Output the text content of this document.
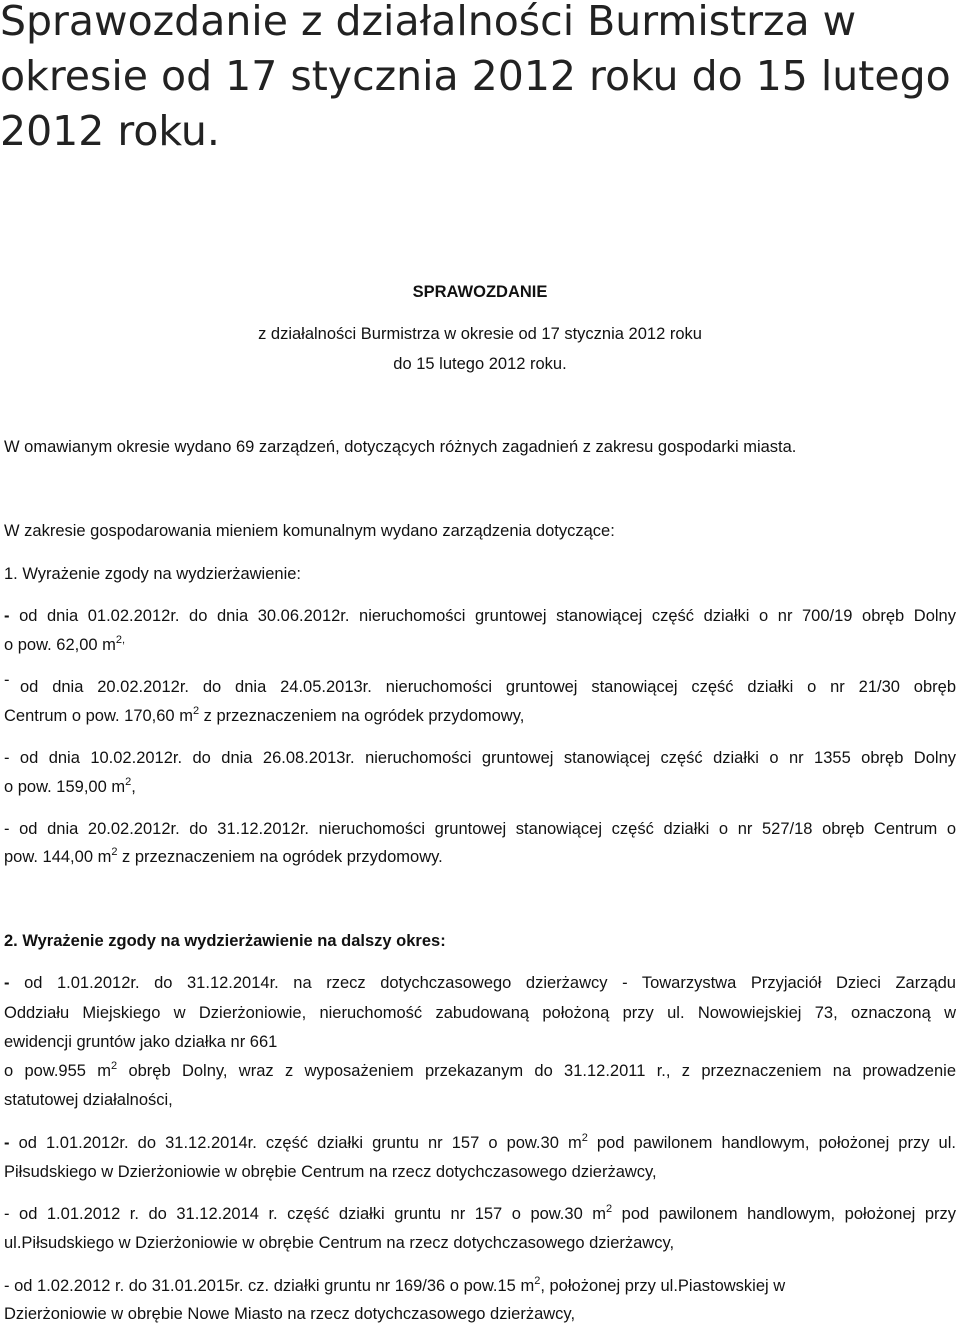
Sprawozdanie z działalności Burmistrza w okresie od 17 stycznia 2012 roku do 15 lutego 2012 roku.

SPRAWOZDANIE

z działalności Burmistrza w okresie od 17 stycznia 2012 roku

do 15 lutego 2012 roku.

W omawianym okresie wydano 69 zarządzeń, dotyczących różnych zagadnień z zakresu gospodarki miasta.

W zakresie gospodarowania mieniem komunalnym wydano zarządzenia dotyczące:

1. Wyrażenie zgody na wydzierżawienie:

- od dnia 01.02.2012r. do dnia 30.06.2012r. nieruchomości gruntowej stanowiącej część działki o nr 700/19 obręb Dolny

o pow. 62,00 $m^{2,}$

- od dnia 20.02.2012r. do dnia 24.05.2013r. nieruchomości gruntowej stanowiącej część działki o nr 21/30 obręb

Centrum o pow. 170,60 $m^2$ z przeznaczeniem na ogródek przydomowy,

- od dnia 10.02.2012r. do dnia 26.08.2013r. nieruchomości gruntowej stanowiącej część działki o nr 1355 obręb Dolny

o pow. 159,00 $m^2$,

- od dnia 20.02.2012r. do 31.12.2012r. nieruchomości gruntowej stanowiącej część działki o nr 527/18 obręb Centrum o

pow. 144,00 $m^2$ z przeznaczeniem na ogródek przydomowy.

2. Wyrażenie zgody na wydzierżawienie na dalszy okres:

- od 1.01.2012r. do 31.12.2014r. na rzecz dotychczasowego dzierżawcy - Towarzystwa Przyjaciół Dzieci Zarządu

Oddziału Miejskiego w Dzierżoniowie, nieruchomość zabudowaną położoną przy ul. Nowowiejskiej 73, oznaczoną w

ewidencji gruntów jako działka nr 661

o pow.955 $m^2$ obręb Dolny, wraz z wyposażeniem przekazanym do 31.12.2011 r., z przeznaczeniem na prowadzenie

statutowej działalności,

- od 1.01.2012r. do 31.12.2014r. część działki gruntu nr 157 o pow.30 $m^2$ pod pawilonem handlowym, położonej przy ul.

Piłsudskiego w Dzierżoniowie w obrębie Centrum na rzecz dotychczasowego dzierżawcy,

- od 1.01.2012 r. do 31.12.2014 r. część działki gruntu nr 157 o pow.30 $m^2$ pod pawilonem handlowym, położonej przy

ul.Piłsudskiego w Dzierżoniowie w obrębie Centrum na rzecz dotychczasowego dzierżawcy,

- od 1.02.2012 r. do 31.01.2015r. cz. działki gruntu nr 169/36 o pow.15 $m^2$, położonej przy ul.Piastowskiej w

Dzierżoniowie w obrębie Nowe Miasto na rzecz dotychczasowego dzierżawcy,
